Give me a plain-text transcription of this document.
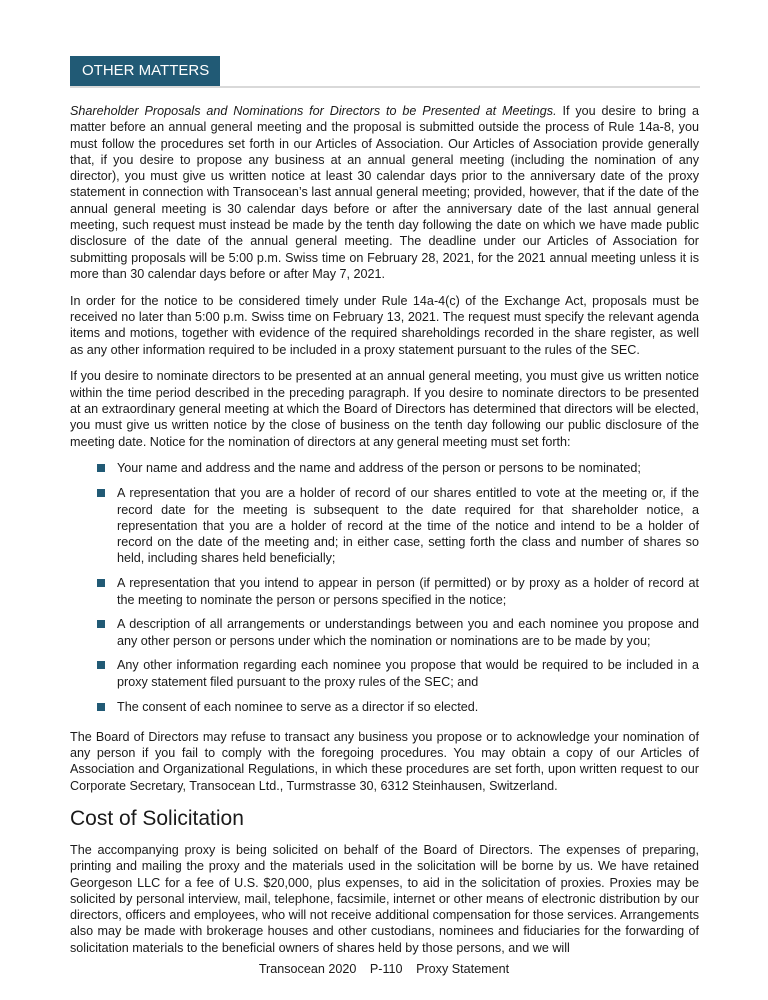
OTHER MATTERS

Shareholder Proposals and Nominations for Directors to be Presented at Meetings. If you desire to bring a matter before an annual general meeting and the proposal is submitted outside the process of Rule 14a-8, you must follow the procedures set forth in our Articles of Association. Our Articles of Association provide generally that, if you desire to propose any business at an annual general meeting (including the nomination of any director), you must give us written notice at least 30 calendar days prior to the anniversary date of the proxy statement in connection with Transocean’s last annual general meeting; provided, however, that if the date of the annual general meeting is 30 calendar days before or after the anniversary date of the last annual general meeting, such request must instead be made by the tenth day following the date on which we have made public disclosure of the date of the annual general meeting. The deadline under our Articles of Association for submitting proposals will be 5:00 p.m. Swiss time on February 28, 2021, for the 2021 annual meeting unless it is more than 30 calendar days before or after May 7, 2021.

In order for the notice to be considered timely under Rule 14a-4(c) of the Exchange Act, proposals must be received no later than 5:00 p.m. Swiss time on February 13, 2021. The request must specify the relevant agenda items and motions, together with evidence of the required shareholdings recorded in the share register, as well as any other information required to be included in a proxy statement pursuant to the rules of the SEC.

If you desire to nominate directors to be presented at an annual general meeting, you must give us written notice within the time period described in the preceding paragraph. If you desire to nominate directors to be presented at an extraordinary general meeting at which the Board of Directors has determined that directors will be elected, you must give us written notice by the close of business on the tenth day following our public disclosure of the meeting date. Notice for the nomination of directors at any general meeting must set forth:

Your name and address and the name and address of the person or persons to be nominated;
A representation that you are a holder of record of our shares entitled to vote at the meeting or, if the record date for the meeting is subsequent to the date required for that shareholder notice, a representation that you are a holder of record at the time of the notice and intend to be a holder of record on the date of the meeting and; in either case, setting forth the class and number of shares so held, including shares held beneficially;
A representation that you intend to appear in person (if permitted) or by proxy as a holder of record at the meeting to nominate the person or persons specified in the notice;
A description of all arrangements or understandings between you and each nominee you propose and any other person or persons under which the nomination or nominations are to be made by you;
Any other information regarding each nominee you propose that would be required to be included in a proxy statement filed pursuant to the proxy rules of the SEC; and
The consent of each nominee to serve as a director if so elected.

The Board of Directors may refuse to transact any business you propose or to acknowledge your nomination of any person if you fail to comply with the foregoing procedures. You may obtain a copy of our Articles of Association and Organizational Regulations, in which these procedures are set forth, upon written request to our Corporate Secretary, Transocean Ltd., Turmstrasse 30, 6312 Steinhausen, Switzerland.

Cost of Solicitation

The accompanying proxy is being solicited on behalf of the Board of Directors. The expenses of preparing, printing and mailing the proxy and the materials used in the solicitation will be borne by us. We have retained Georgeson LLC for a fee of U.S. $20,000, plus expenses, to aid in the solicitation of proxies. Proxies may be solicited by personal interview, mail, telephone, facsimile, internet or other means of electronic distribution by our directors, officers and employees, who will not receive additional compensation for those services. Arrangements also may be made with brokerage houses and other custodians, nominees and fiduciaries for the forwarding of solicitation materials to the beneficial owners of shares held by those persons, and we will

Transocean 2020 P-110 Proxy Statement
